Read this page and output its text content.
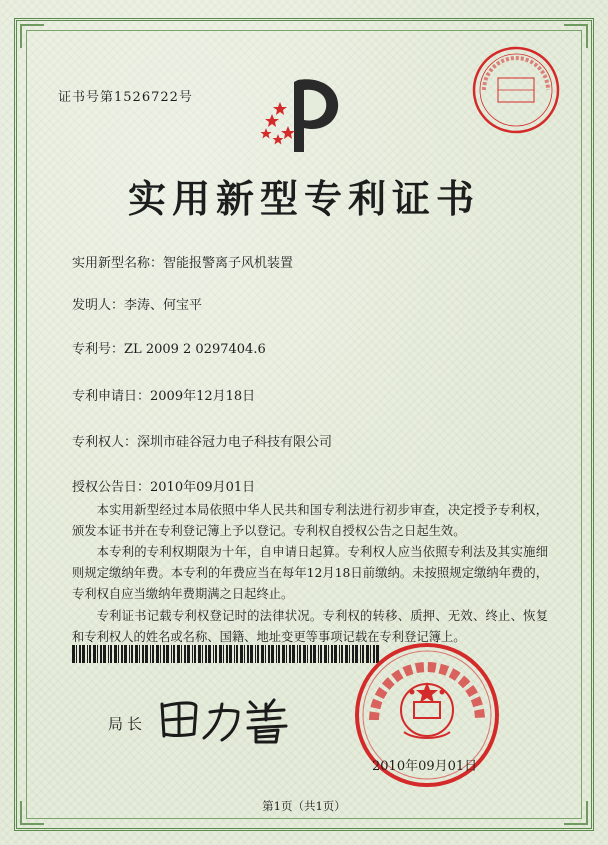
证书号第1526722号
实用新型专利证书
实用新型名称：智能报警离子风机装置
发明人：李涛、何宝平
专利号：ZL 2009 2 0297404.6
专利申请日：2009年12月18日
专利权人：深圳市硅谷冠力电子科技有限公司
授权公告日：2010年09月01日
本实用新型经过本局依照中华人民共和国专利法进行初步审查，决定授予专利权，颁发本证书并在专利登记簿上予以登记。专利权自授权公告之日起生效。
本专利的专利权期限为十年，自申请日起算。专利权人应当依照专利法及其实施细则规定缴纳年费。本专利的年费应当在每年12月18日前缴纳。未按照规定缴纳年费的，专利权自应当缴纳年费期满之日起终止。
专利证书记载专利权登记时的法律状况。专利权的转移、质押、无效、终止、恢复和专利权人的姓名或名称、国籍、地址变更等事项记载在专利登记簿上。
局长
2010年09月01日
第1页（共1页）
